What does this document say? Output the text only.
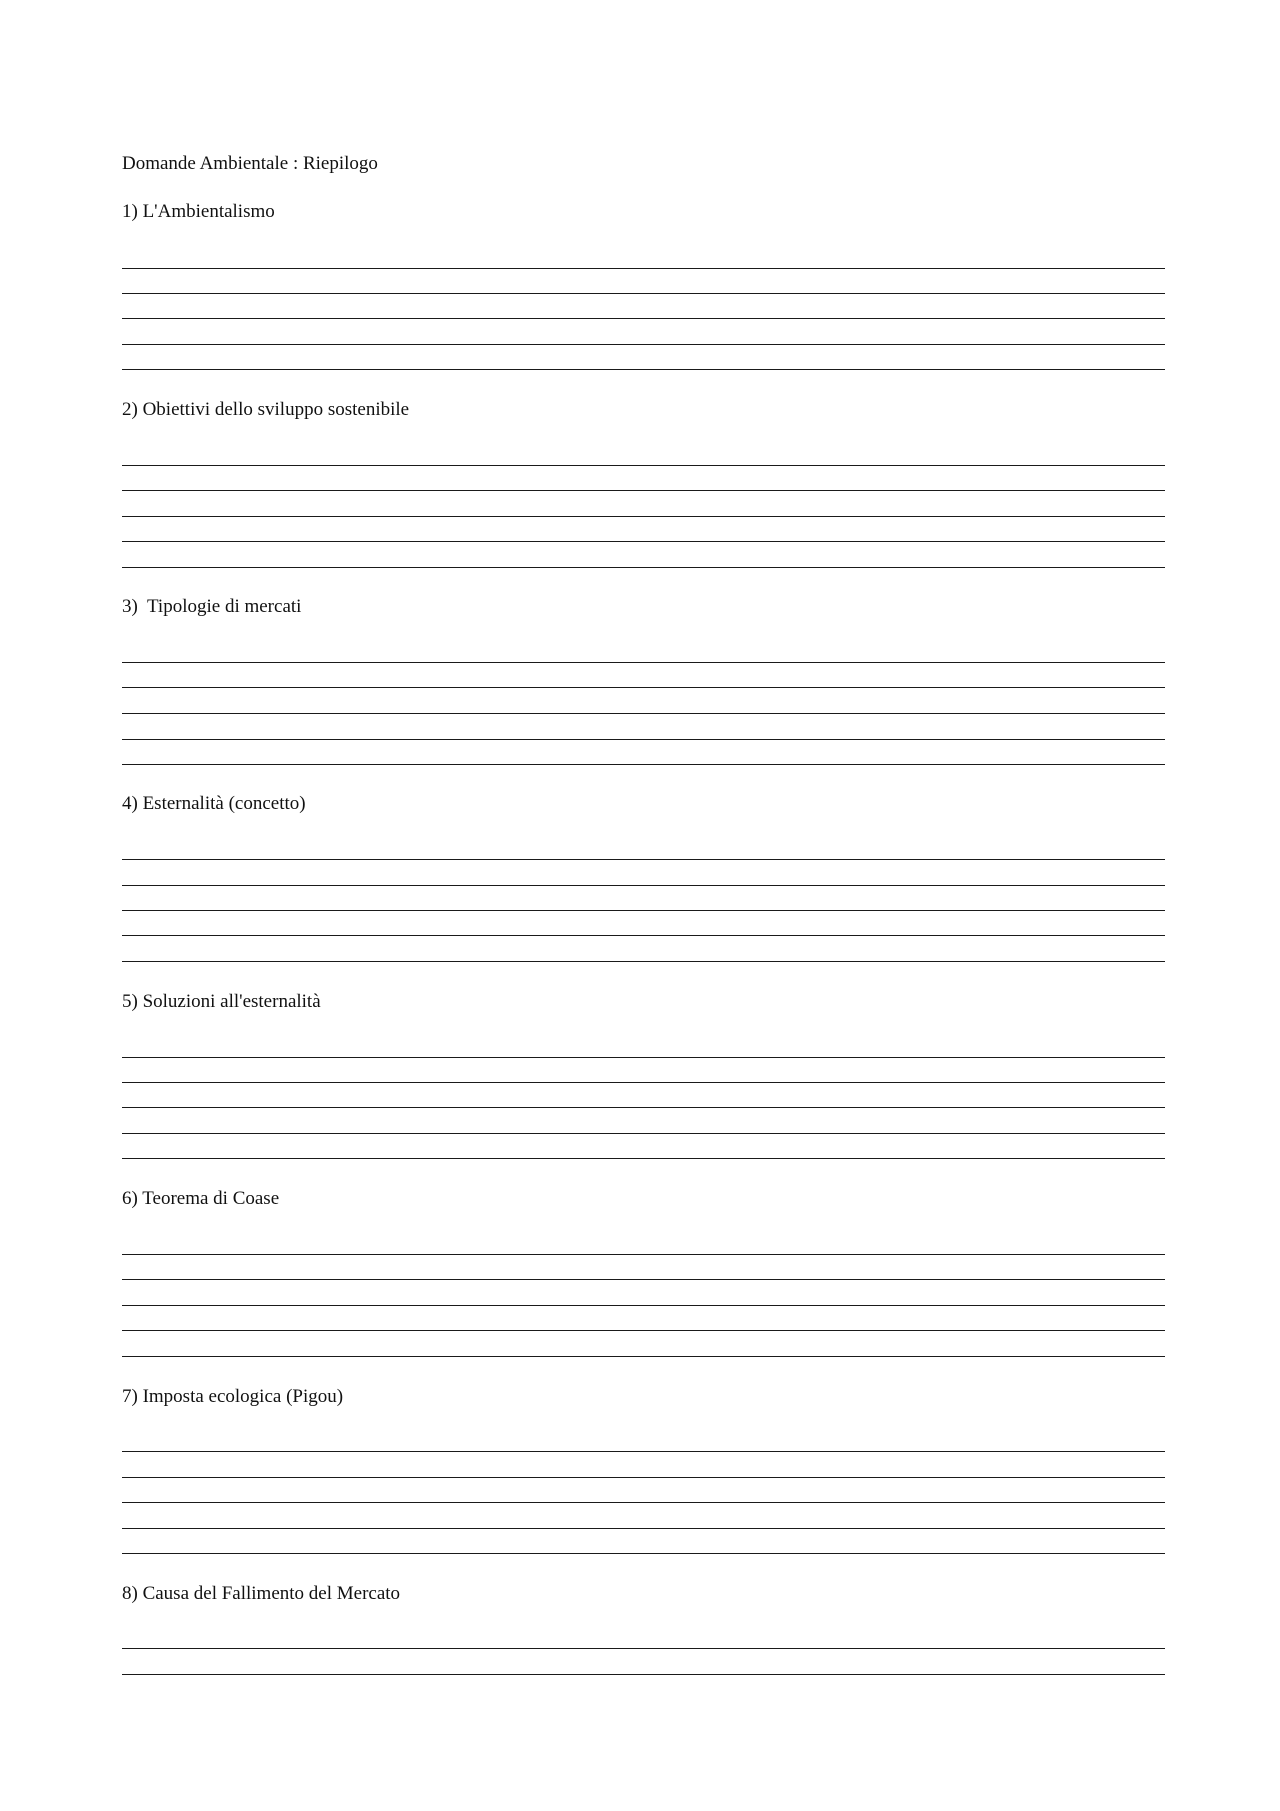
Domande Ambientale : Riepilogo
1) L'Ambientalismo
2) Obiettivi dello sviluppo sostenibile
3)  Tipologie di mercati
4) Esternalità (concetto)
5) Soluzioni all'esternalità
6) Teorema di Coase
7) Imposta ecologica (Pigou)
8) Causa del Fallimento del Mercato
